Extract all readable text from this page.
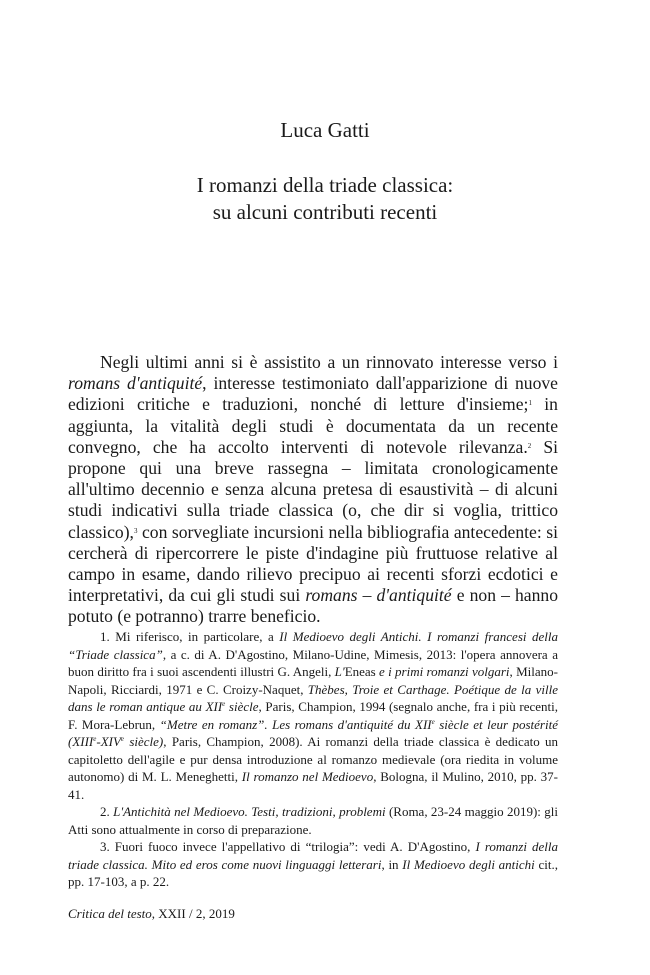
Luca Gatti
I romanzi della triade classica:
su alcuni contributi recenti

Negli ultimi anni si è assistito a un rinnovato interesse verso i romans d'antiquité, interesse testimoniato dall'apparizione di nuove edizioni critiche e traduzioni, nonché di letture d'insieme;$^1$ in aggiunta, la vitalità degli studi è documentata da un recente convegno, che ha accolto interventi di notevole rilevanza.$^2$ Si propone qui una breve rassegna – limitata cronologicamente all'ultimo decennio e senza alcuna pretesa di esaustività – di alcuni studi indicativi sulla triade classica (o, che dir si voglia, trittico classico),$^3$ con sorvegliate incursioni nella bibliografia antecedente: si cercherà di ripercorrere le piste d'indagine più fruttuose relative al campo in esame, dando rilievo precipuo ai recenti sforzi ecdotici e interpretativi, da cui gli studi sui romans – d'antiquité e non – hanno potuto (e potranno) trarre beneficio.

1. Mi riferisco, in particolare, a Il Medioevo degli Antichi. I romanzi francesi della “Triade classica”, a c. di A. D'Agostino, Milano-Udine, Mimesis, 2013: l'opera annovera a buon diritto fra i suoi ascendenti illustri G. Angeli, L'Eneas e i primi romanzi volgari, Milano-Napoli, Ricciardi, 1971 e C. Croizy-Naquet, Thèbes, Troie et Carthage. Poétique de la ville dans le roman antique au XIIe siècle, Paris, Champion, 1994 (segnalo anche, fra i più recenti, F. Mora-Lebrun, “Metre en romanz”. Les romans d'antiquité du XIIe siècle et leur postérité (XIIIe-XIVe siècle), Paris, Champion, 2008). Ai romanzi della triade classica è dedicato un capitoletto dell'agile e pur densa introduzione al romanzo medievale (ora riedita in volume autonomo) di M. L. Meneghetti, Il romanzo nel Medioevo, Bologna, il Mulino, 2010, pp. 37-41.

2. L'Antichità nel Medioevo. Testi, tradizioni, problemi (Roma, 23-24 maggio 2019): gli Atti sono attualmente in corso di preparazione.

3. Fuori fuoco invece l'appellativo di “trilogia”: vedi A. D'Agostino, I romanzi della triade classica. Mito ed eros come nuovi linguaggi letterari, in Il Medioevo degli antichi cit., pp. 17-103, a p. 22.

Critica del testo, XXII / 2, 2019
